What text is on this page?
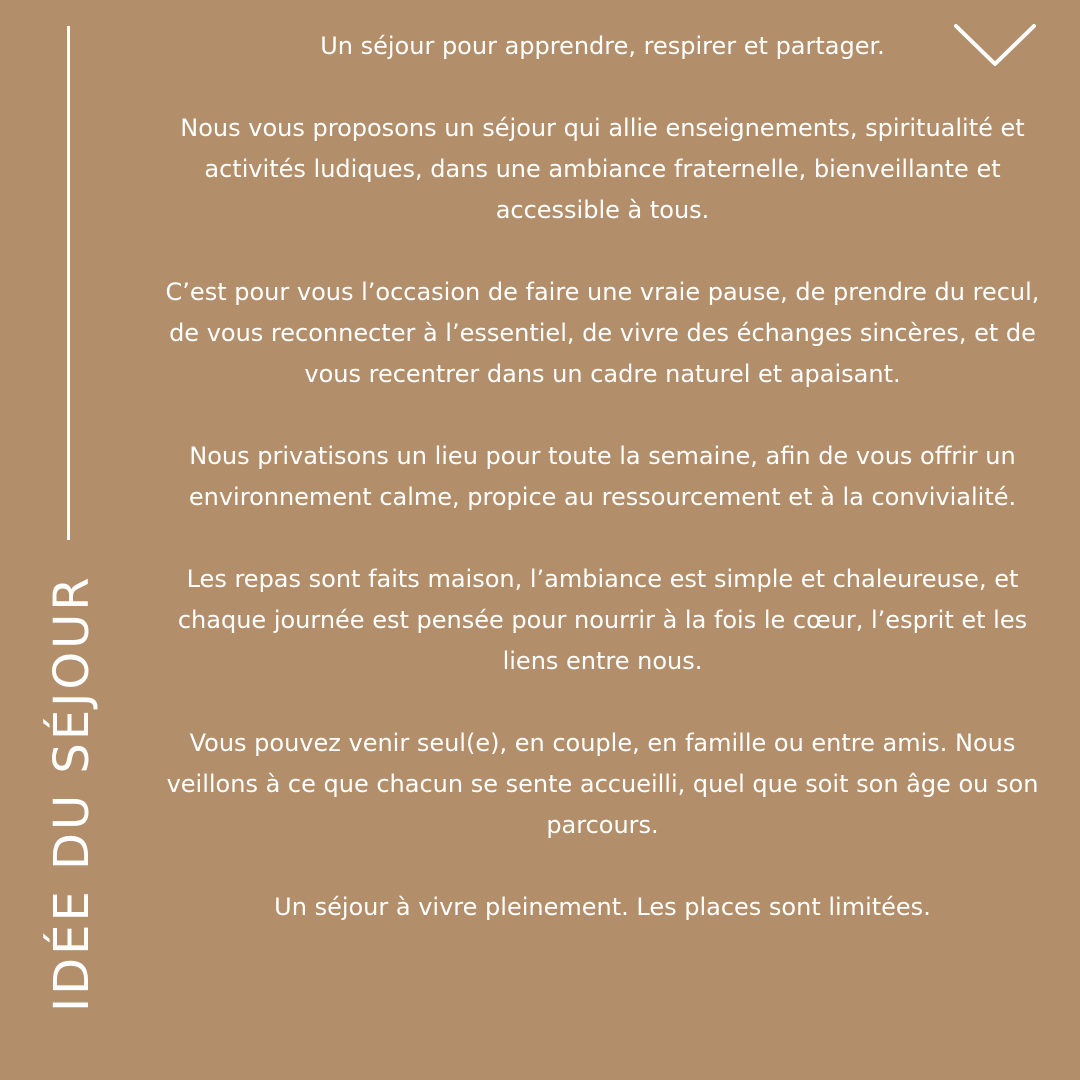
IDÉE DU SÉJOUR

Un séjour pour apprendre, respirer et partager.

Nous vous proposons un séjour qui allie enseignements, spiritualité et activités ludiques, dans une ambiance fraternelle, bienveillante et accessible à tous.

C’est pour vous l’occasion de faire une vraie pause, de prendre du recul, de vous reconnecter à l’essentiel, de vivre des échanges sincères, et de vous recentrer dans un cadre naturel et apaisant.

Nous privatisons un lieu pour toute la semaine, afin de vous offrir un environnement calme, propice au ressourcement et à la convivialité.

Les repas sont faits maison, l’ambiance est simple et chaleureuse, et chaque journée est pensée pour nourrir à la fois le cœur, l’esprit et les liens entre nous.

Vous pouvez venir seul(e), en couple, en famille ou entre amis. Nous veillons à ce que chacun se sente accueilli, quel que soit son âge ou son parcours.

Un séjour à vivre pleinement. Les places sont limitées.
